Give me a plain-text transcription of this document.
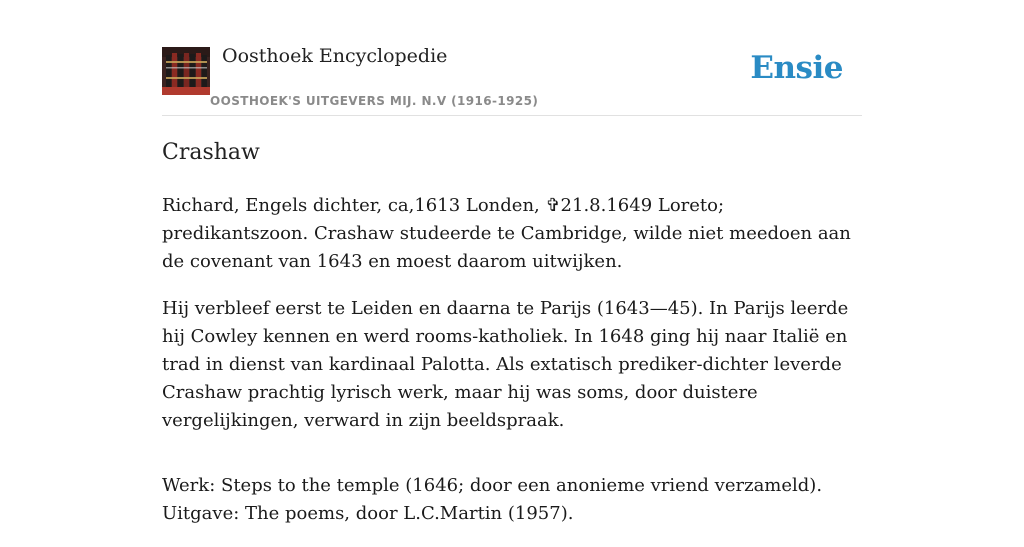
Oosthoek Encyclopedie
OOSTHOEK'S UITGEVERS MIJ. N.V (1916-1925)
Ensie
Crashaw

Richard, Engels dichter, ca,1613 Londen, ✞21.8.1649 Loreto; predikantszoon. Crashaw studeerde te Cambridge, wilde niet meedoen aan de covenant van 1643 en moest daarom uitwijken.

Hij verbleef eerst te Leiden en daarna te Parijs (1643—45). In Parijs leerde hij Cowley kennen en werd rooms-katholiek. In 1648 ging hij naar Italië en trad in dienst van kardinaal Palotta. Als extatisch prediker-dichter leverde Crashaw prachtig lyrisch werk, maar hij was soms, door duistere vergelijkingen, verward in zijn beeldspraak.

Werk: Steps to the temple (1646; door een anonieme vriend verzameld). Uitgave: The poems, door L.C.Martin (1957).
